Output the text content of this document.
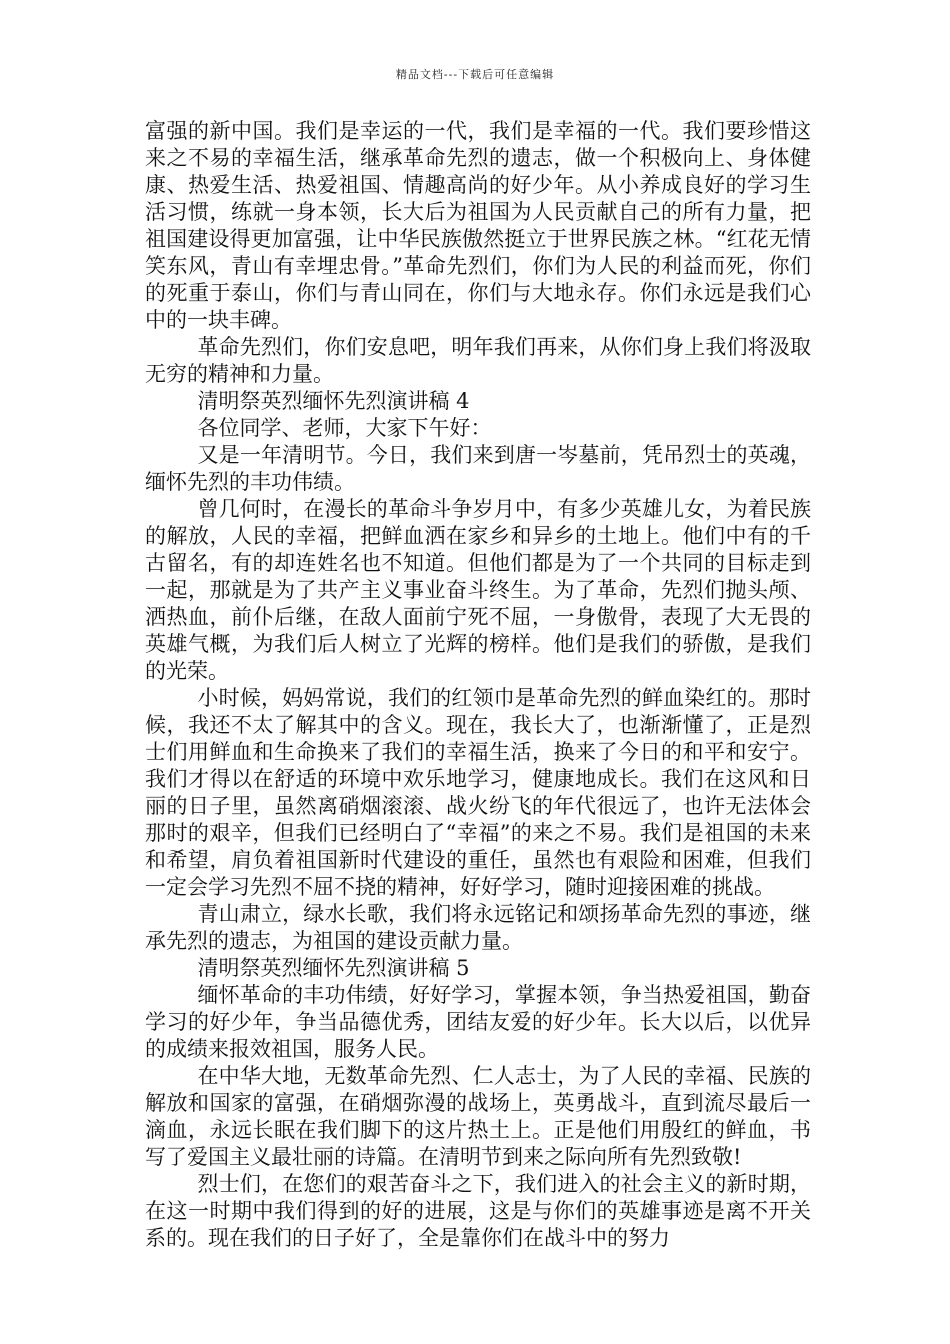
精品文档---下载后可任意编辑

富强的新中国。我们是幸运的一代，我们是幸福的一代。我们要珍惜这来之不易的幸福生活，继承革命先烈的遗志，做一个积极向上、身体健康、热爱生活、热爱祖国、情趣高尚的好少年。从小养成良好的学习生活习惯，练就一身本领，长大后为祖国为人民贡献自己的所有力量，把祖国建设得更加富强，让中华民族傲然挺立于世界民族之林。“红花无情笑东风，青山有幸埋忠骨。”革命先烈们，你们为人民的利益而死，你们的死重于泰山，你们与青山同在，你们与大地永存。你们永远是我们心中的一块丰碑。

革命先烈们，你们安息吧，明年我们再来，从你们身上我们将汲取无穷的精神和力量。

清明祭英烈缅怀先烈演讲稿 4

各位同学、老师，大家下午好：

又是一年清明节。今日，我们来到唐一岑墓前，凭吊烈士的英魂，缅怀先烈的丰功伟绩。

曾几何时，在漫长的革命斗争岁月中，有多少英雄儿女，为着民族的解放，人民的幸福，把鲜血洒在家乡和异乡的土地上。他们中有的千古留名，有的却连姓名也不知道。但他们都是为了一个共同的目标走到一起，那就是为了共产主义事业奋斗终生。为了革命，先烈们抛头颅、洒热血，前仆后继，在敌人面前宁死不屈，一身傲骨，表现了大无畏的英雄气概，为我们后人树立了光辉的榜样。他们是我们的骄傲，是我们的光荣。

小时候，妈妈常说，我们的红领巾是革命先烈的鲜血染红的。那时候，我还不太了解其中的含义。现在，我长大了，也渐渐懂了，正是烈士们用鲜血和生命换来了我们的幸福生活，换来了今日的和平和安宁。我们才得以在舒适的环境中欢乐地学习，健康地成长。我们在这风和日丽的日子里，虽然离硝烟滚滚、战火纷飞的年代很远了，也许无法体会那时的艰辛，但我们已经明白了“幸福”的来之不易。我们是祖国的未来和希望，肩负着祖国新时代建设的重任，虽然也有艰险和困难，但我们一定会学习先烈不屈不挠的精神，好好学习，随时迎接困难的挑战。

青山肃立，绿水长歌，我们将永远铭记和颂扬革命先烈的事迹，继承先烈的遗志，为祖国的建设贡献力量。

清明祭英烈缅怀先烈演讲稿 5

缅怀革命的丰功伟绩，好好学习，掌握本领，争当热爱祖国，勤奋学习的好少年，争当品德优秀，团结友爱的好少年。长大以后，以优异的成绩来报效祖国，服务人民。

在中华大地，无数革命先烈、仁人志士，为了人民的幸福、民族的解放和国家的富强，在硝烟弥漫的战场上，英勇战斗，直到流尽最后一滴血，永远长眠在我们脚下的这片热土上。正是他们用殷红的鲜血，书写了爱国主义最壮丽的诗篇。在清明节到来之际向所有先烈致敬!

烈士们，在您们的艰苦奋斗之下，我们进入的社会主义的新时期，在这一时期中我们得到的好的进展，这是与你们的英雄事迹是离不开关系的。现在我们的日子好了，全是靠你们在战斗中的努力
